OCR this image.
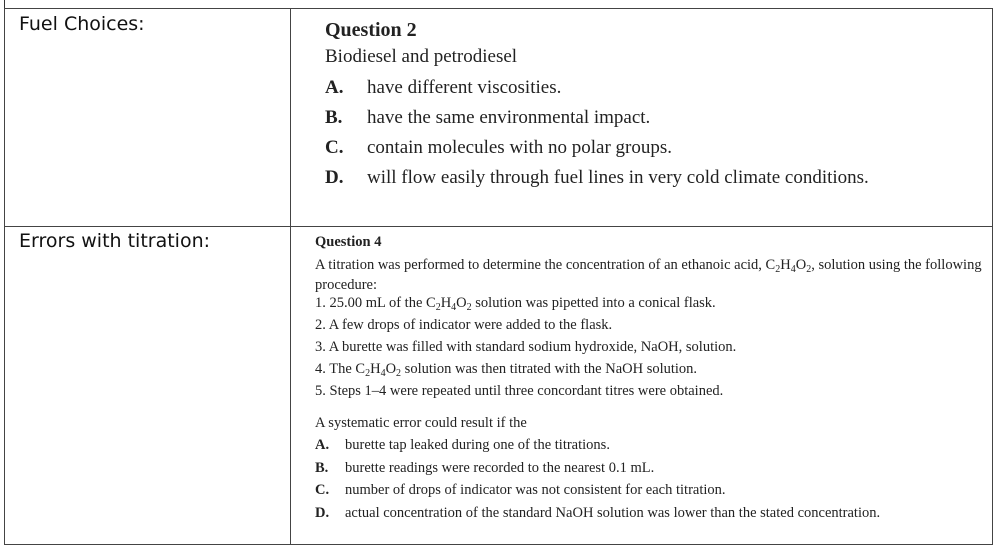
Fuel Choices:	Question 2
Biodiesel and petrodiesel
A.	have different viscosities.
B.	have the same environmental impact.
C.	contain molecules with no polar groups.
D.	will flow easily through fuel lines in very cold climate conditions.
Errors with titration:	Question 4
A titration was performed to determine the concentration of an ethanoic acid, $C_2H_4O_2$, solution using the following
procedure:
1. 25.00 mL of the $C_2H_4O_2$ solution was pipetted into a conical flask.
2. A few drops of indicator were added to the flask.
3. A burette was filled with standard sodium hydroxide, NaOH, solution.
4. The $C_2H_4O_2$ solution was then titrated with the NaOH solution.
5. Steps 1–4 were repeated until three concordant titres were obtained.
A systematic error could result if the
A.	burette tap leaked during one of the titrations.
B.	burette readings were recorded to the nearest 0.1 mL.
C.	number of drops of indicator was not consistent for each titration.
D.	actual concentration of the standard NaOH solution was lower than the stated concentration.
